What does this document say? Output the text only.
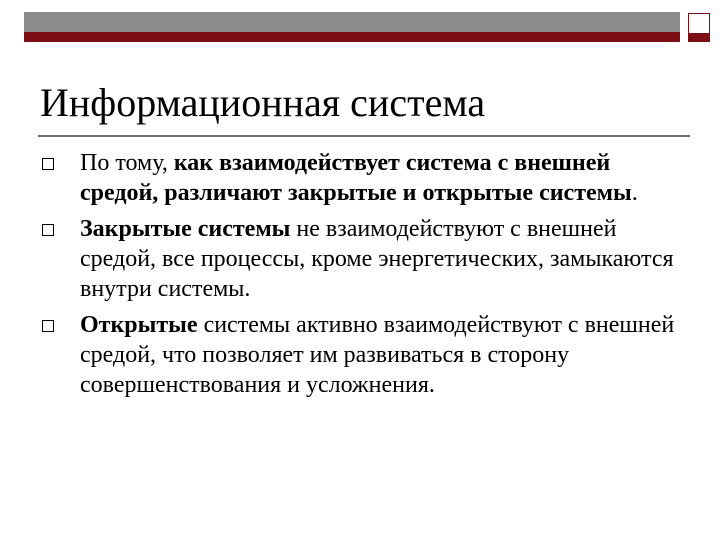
Информационная система
По тому, как взаимодействует система с внешней средой, различают закрытые и открытые системы.
Закрытые системы не взаимодействуют с внешней средой, все процессы, кроме энергетических, замыкаются внутри системы.
Открытые системы активно взаимодействуют с внешней средой, что позволяет им развиваться в сторону совершенствования и усложнения.
